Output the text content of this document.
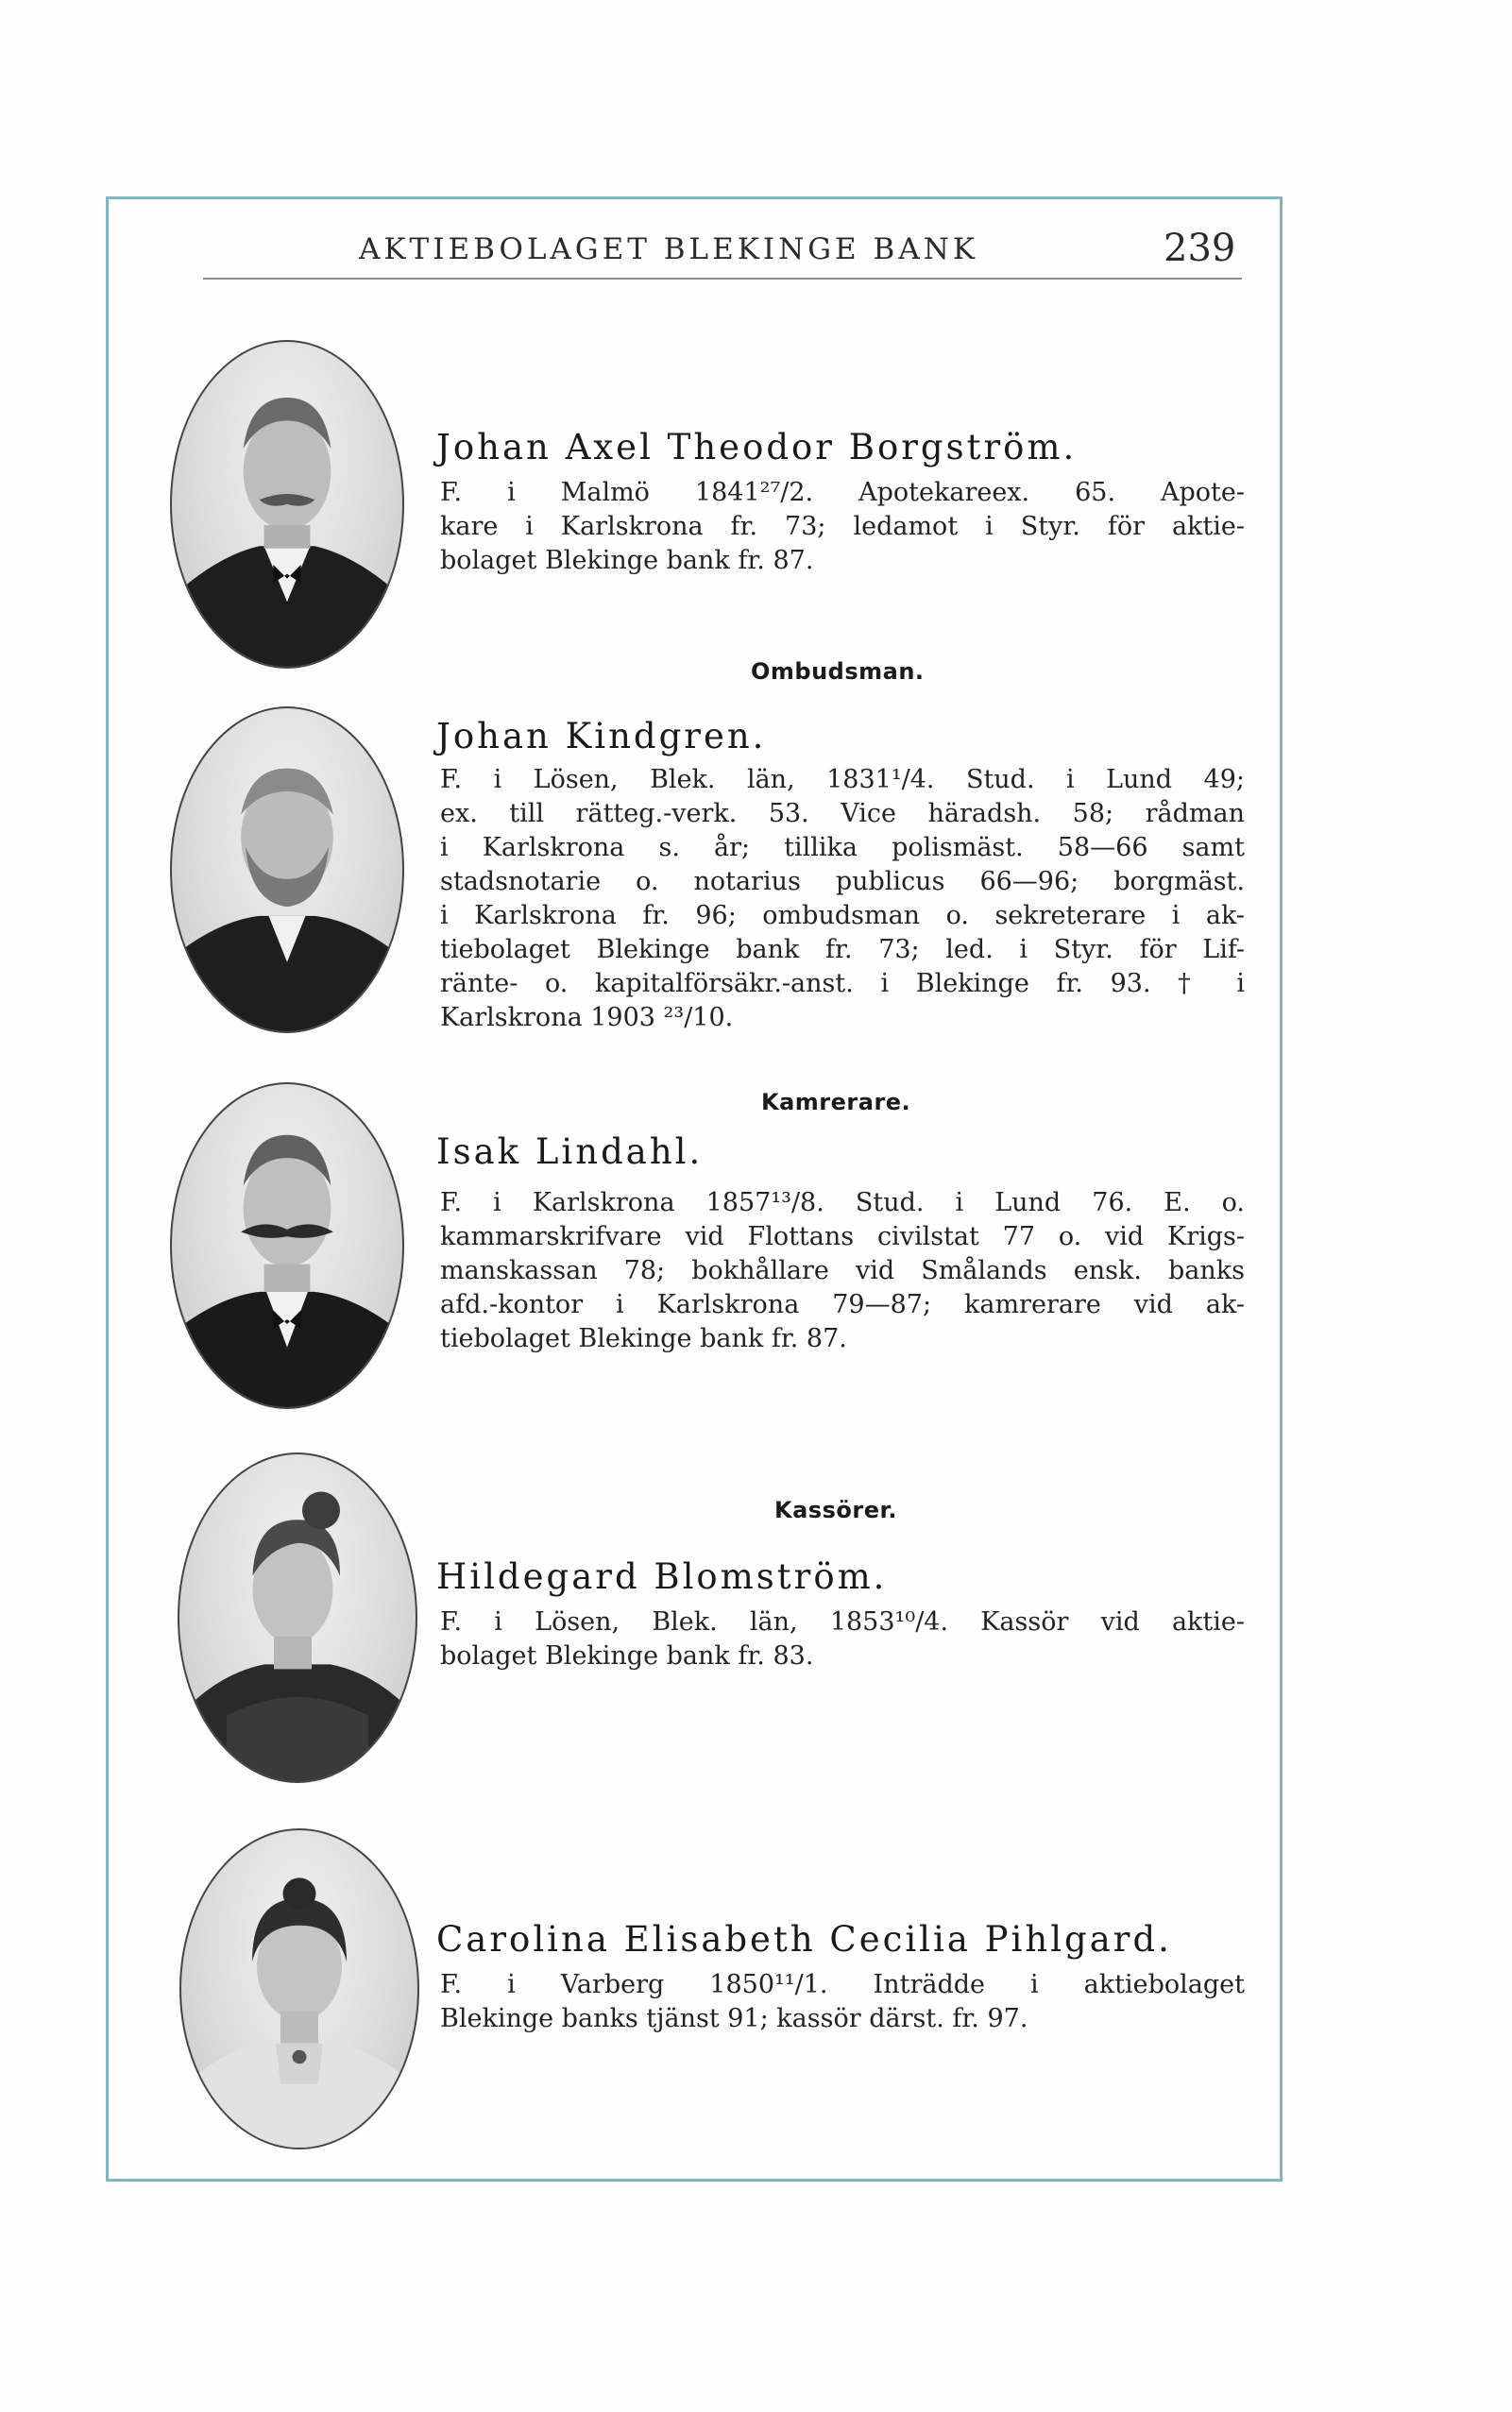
AKTIEBOLAGET BLEKINGE BANK	239
Johan Axel Theodor Borgström.
F. i Malmö 1841²⁷/2. Apotekareex. 65. Apote-
kare i Karlskrona fr. 73; ledamot i Styr. för aktie-
bolaget Blekinge bank fr. 87.
Ombudsman.
Johan Kindgren.
F. i Lösen, Blek. län, 1831¹/4. Stud. i Lund 49;
ex. till rätteg.-verk. 53. Vice häradsh. 58; rådman
i Karlskrona s. år; tillika polismäst. 58—66 samt
stadsnotarie o. notarius publicus 66—96; borgmäst.
i Karlskrona fr. 96; ombudsman o. sekreterare i ak-
tiebolaget Blekinge bank fr. 73; led. i Styr. för Lif-
ränte- o. kapitalförsäkr.-anst. i Blekinge fr. 93. † i
Karlskrona 1903 ²³/10.
Kamrerare.
Isak Lindahl.
F. i Karlskrona 1857¹³/8. Stud. i Lund 76. E. o.
kammarskrifvare vid Flottans civilstat 77 o. vid Krigs-
manskassan 78; bokhållare vid Smålands ensk. banks
afd.-kontor i Karlskrona 79—87; kamrerare vid ak-
tiebolaget Blekinge bank fr. 87.
Kassörer.
Hildegard Blomström.
F. i Lösen, Blek. län, 1853¹⁰/4. Kassör vid aktie-
bolaget Blekinge bank fr. 83.
Carolina Elisabeth Cecilia Pihlgard.
F. i Varberg 1850¹¹/1. Inträdde i aktiebolaget
Blekinge banks tjänst 91; kassör därst. fr. 97.
